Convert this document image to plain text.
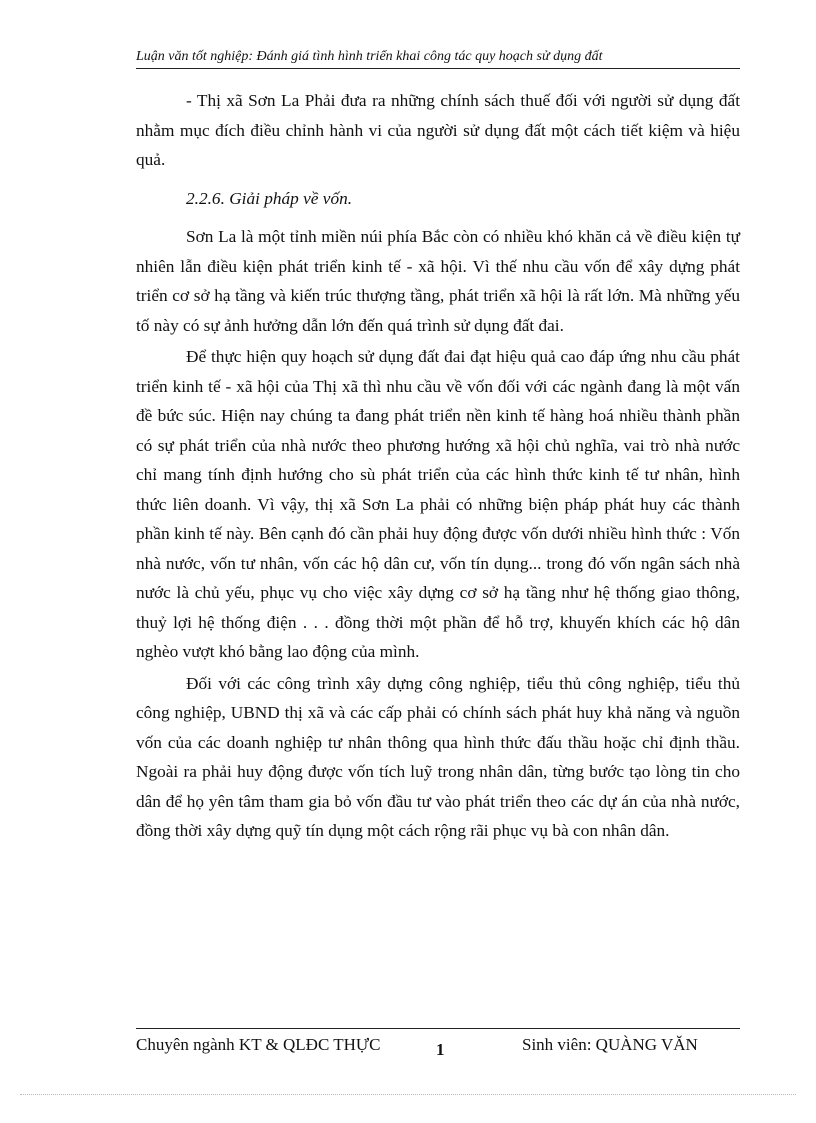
Luận văn tốt nghiệp: Đánh giá tình hình triển khai công tác quy hoạch sử dụng đất

- Thị xã Sơn La Phải đưa ra những chính sách thuế đối với người sử dụng đất nhằm mục đích điều chỉnh hành vi của người sử dụng đất một cách tiết kiệm và hiệu quả.

2.2.6. Giải pháp về vốn.

Sơn La là một tỉnh miền núi phía Bắc còn có nhiều khó khăn cả về điều kiện tự nhiên lẫn điều kiện phát triển kinh tế - xã hội. Vì thế nhu cầu vốn để xây dựng phát triển cơ sở hạ tầng và kiến trúc thượng tầng, phát triển xã hội là rất lớn. Mà những yếu tố này có sự ảnh hưởng dẫn lớn đến quá trình sử dụng đất đai.

Để thực hiện quy hoạch sử dụng đất đai đạt hiệu quả cao đáp ứng nhu cầu phát triển kinh tế - xã hội của Thị xã thì nhu cầu về vốn đối với các ngành đang là một vấn đề bức súc. Hiện nay chúng ta đang phát triển nền kinh tế hàng hoá nhiều thành phần có sự phát triển của nhà nước theo phương hướng xã hội chủ nghĩa, vai trò nhà nước chỉ mang tính định hướng cho sù phát triển của các hình thức kinh tế tư nhân, hình thức liên doanh. Vì vậy, thị xã Sơn La phải có những biện pháp phát huy các thành phần kinh tế này. Bên cạnh đó cần phải huy động được vốn dưới nhiều hình thức : Vốn nhà nước, vốn tư nhân, vốn các hộ dân cư, vốn tín dụng... trong đó vốn ngân sách nhà nước là chủ yếu, phục vụ cho việc xây dựng cơ sở hạ tầng như hệ thống giao thông, thuỷ lợi hệ thống điện . . . đồng thời một phần để hỗ trợ, khuyến khích các hộ dân nghèo vượt khó bằng lao động của mình.

Đối với các công trình xây dựng công nghiệp, tiểu thủ công nghiệp, tiểu thủ công nghiệp, UBND thị xã và các cấp phải có chính sách phát huy khả năng và nguồn vốn của các doanh nghiệp tư nhân thông qua hình thức đấu thầu hoặc chỉ định thầu. Ngoài ra phải huy động được vốn tích luỹ trong nhân dân, từng bước tạo lòng tin cho dân để họ yên tâm tham gia bỏ vốn đầu tư vào phát triển theo các dự án của nhà nước, đồng thời xây dựng quỹ tín dụng một cách rộng rãi phục vụ bà con nhân dân.

Chuyên ngành KT & QLĐC THỰC	1	Sinh viên: QUÀNG VĂN
